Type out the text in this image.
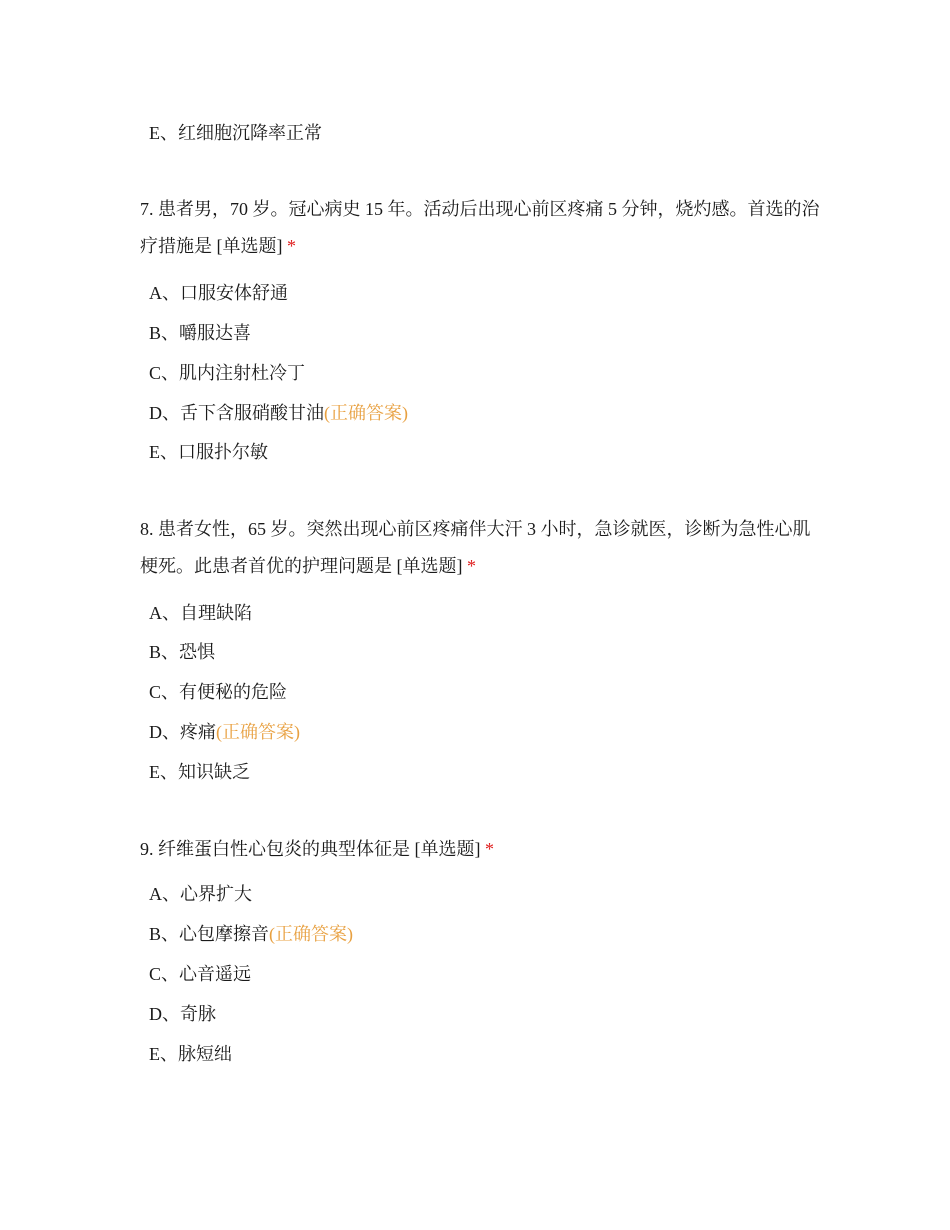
E、红细胞沉降率正常
7. 患者男，70 岁。冠心病史 15 年。活动后出现心前区疼痛 5 分钟，烧灼感。首选的治疗措施是 [单选题] *
A、口服安体舒通
B、嚼服达喜
C、肌内注射杜冷丁
D、舌下含服硝酸甘油(正确答案)
E、口服扑尔敏
8. 患者女性，65 岁。突然出现心前区疼痛伴大汗 3 小时，急诊就医，诊断为急性心肌梗死。此患者首优的护理问题是 [单选题] *
A、自理缺陷
B、恐惧
C、有便秘的危险
D、疼痛(正确答案)
E、知识缺乏
9. 纤维蛋白性心包炎的典型体征是 [单选题] *
A、心界扩大
B、心包摩擦音(正确答案)
C、心音遥远
D、奇脉
E、脉短绌
